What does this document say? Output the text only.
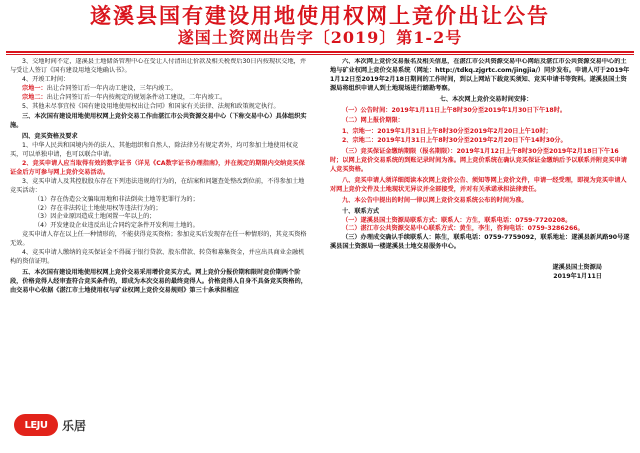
遂溪县国有建设用地使用权网上竞价出让公告
遂国土资网出告字〔2019〕第1-2号

3、交地时间不定，遂溪县土地储备管理中心在受让人付清出让价款及相关税费后30日内按现状交地，并与受让人签订《国有建设用地交地确认书》。

4、开竣工时间：

宗地一：出让合同签订后一年内动工建设，三年内竣工。

宗地二：出让合同签订后一年内按规定的规划条件动工建设，二年内竣工。

5、其他未尽事宜按《国有建设用地使用权出让合同》和国家有关法律、法规和政策规定执行。

三、本次国有建设用地使用权网上竞价交易工作由湛江市公共资源交易中心（下称交易中心）具体组织实施。

四、竞买资格及要求

1、中华人民共和国境内外的法人、其他组织和自然人，除法律另有规定者外，均可参加土地使用权竞买，可以单独申请，也可以联合申请。

2、竞买申请人应当取得有效的数字证书（详见《CA数字证书办理指南》，并在规定的期限内交纳竞买保证金后方可参与网上竞价交易活动。

3、竞买申请人及其控股股东存在下列违法违规的行为的，在结案和问题查处整改到位前，不得参加土地竞买活动：

（1）存在伪造公文骗取用地和非法倒卖土地等犯罪行为的；

（2）存在非法转让土地使用权等违法行为的；

（3）因企业原因造成土地闲置一年以上的；

（4）开发建设企业违反出让合同约定条件开发利用土地的。

竞买申请人存在以上任一种情形的，不能获得竞买资格；参加竞买后发现存在任一种情形的，其竞买资格无效。

4、竞买申请人缴纳的竞买保证金不得属于银行贷款、股东借款、转贷和募集资金，并应出具商业金融机构的资信证明。

五、本次国有建设用地使用权网上竞价交易采用增价竞买方式。网上竞价分报价期和限时竞价期两个阶段，价格竞得人经审查符合竞买条件的，即成为本次交易的最终竞得人。价格竞得人自身不具备竞买资格的，由交易中心依据《湛江市土地使用权与矿业权网上竞价交易规则》第三十条承担相应

六、本次网上竞价交易报名及相关信息，在湛江市公共资源交易中心网站及湛江市公共资源交易中心的土地与矿业权网上竞价交易系统（网址：http://tdkq.zjgrtc.com/jingjia/）同步发布。申请人可于2019年1月12日至2019年2月18日期间的工作时间，到以上网站下载竞买须知、竞买申请书等资料。遂溪县国土资源局将组织申请人到土地现场进行踏勘考察。

七、本次网上竞价交易时间安排：

（一）公告时间：2019年1月11日上午8时30分至2019年1月30日下午18时。

（二）网上报价期限：

1、宗地一：2019年1月31日上午8时30分至2019年2月20日上午10时；

2、宗地二：2019年1月31日上午8时30分至2019年2月20日下午14时30分。

（三）竞买保证金缴纳期限（报名期限）：2019年1月12日上午8时30分至2019年2月18日下午16时；以网上竞价交易系统的到账记录时间为准。网上竞价系统在确认竞买保证金缴纳后予以联系并附竞买申请人竞买资格。

八、竞买申请人须详细阅读本次网上竞价公告、须知等网上竞价文件，申请一经受理，即视为竞买申请人对网上竞价文件及土地现状无异议并全部接受，并对有关承诺承担法律责任。

九、本公告中提出的时间一律以网上竞价交易系统公布的时间为准。

十、联系方式

（一）遂溪县国土资源局联系方式：联系人：方生，联系电话：0759-7720208。

（二）湛江市公共资源交易中心联系方式：黄生，李生，咨询电话：0759-3286266。

（三）办理成交确认手续联系人：陈生，联系电话：0759-7759092，联系地址：遂溪县新风路90号遂溪县国土资源局一楼遂溪县土地交易服务中心。

遂溪县国土资源局

2019年1月11日

LEJU	乐居
